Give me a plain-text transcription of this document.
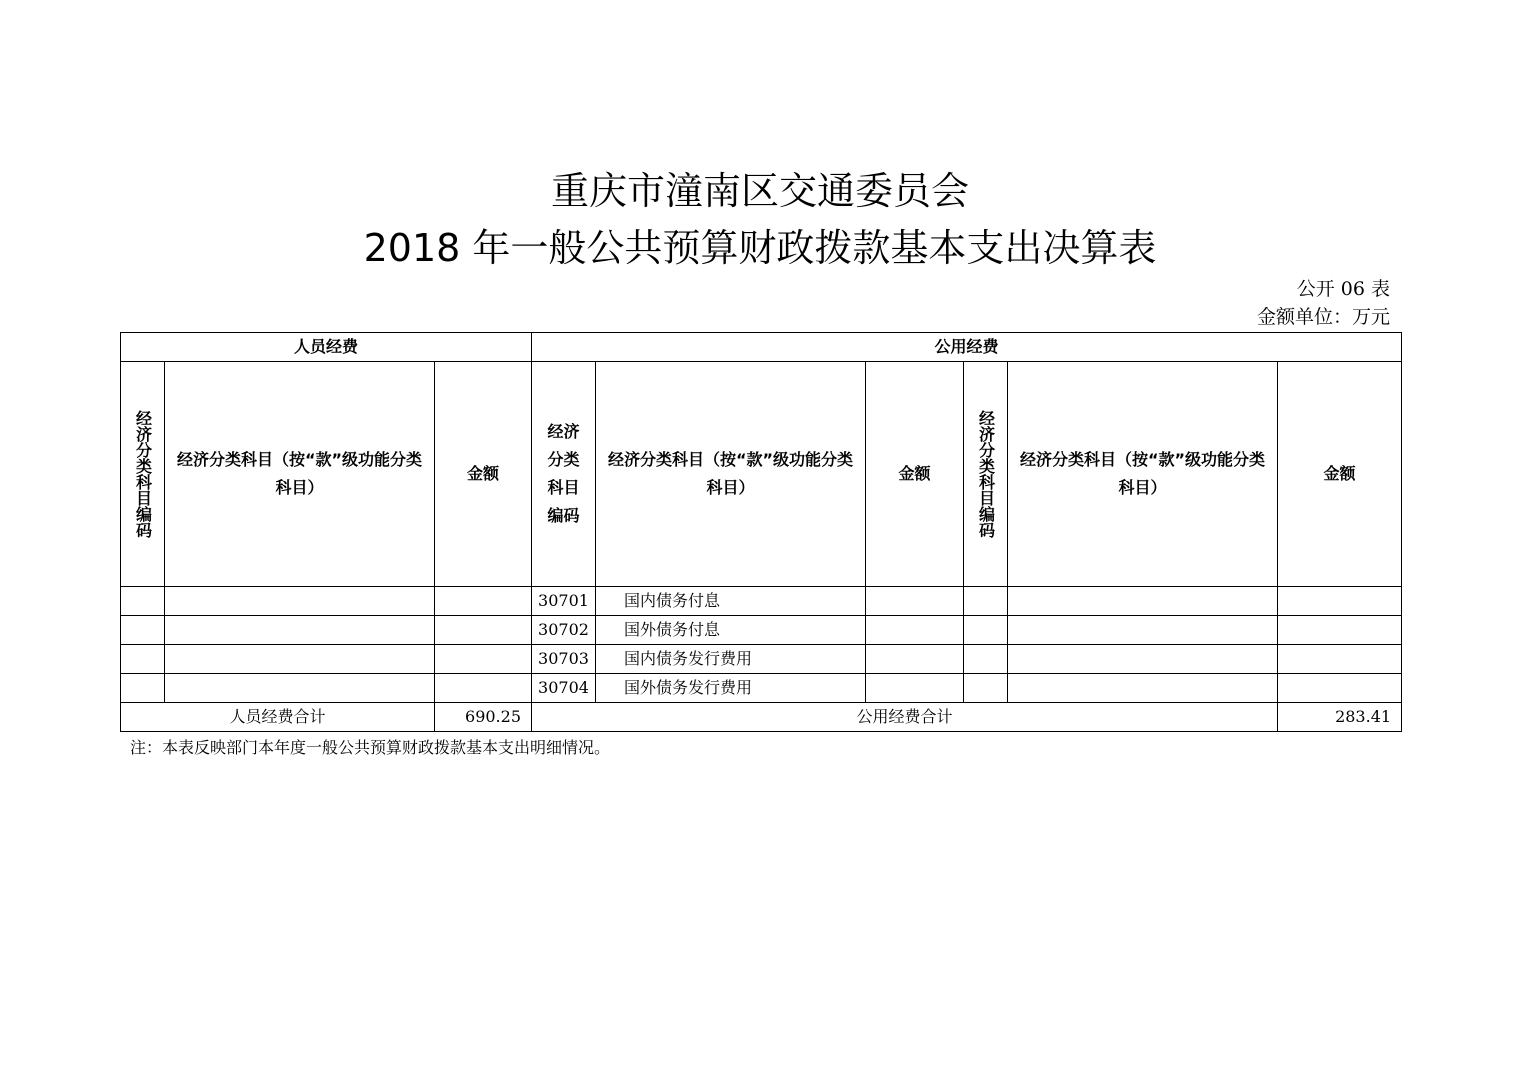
重庆市潼南区交通委员会
2018 年一般公共预算财政拨款基本支出决算表
公开 06 表
金额单位：万元
人员经费			公用经费					

经济分类科目编码	经济分类科目（按“款”级功能分类科目）	金额	经济分类科目编码	经济分类科目（按“款”级功能分类科目）	金额	经济分类科目编码	经济分类科目（按“款”级功能分类科目）	金额
			30701	国内债务付息				
			30702	国外债务付息				
			30703	国内债务发行费用				
			30704	国外债务发行费用				
人员经费合计		690.25	公用经费合计					283.41
注：本表反映部门本年度一般公共预算财政拨款基本支出明细情况。
